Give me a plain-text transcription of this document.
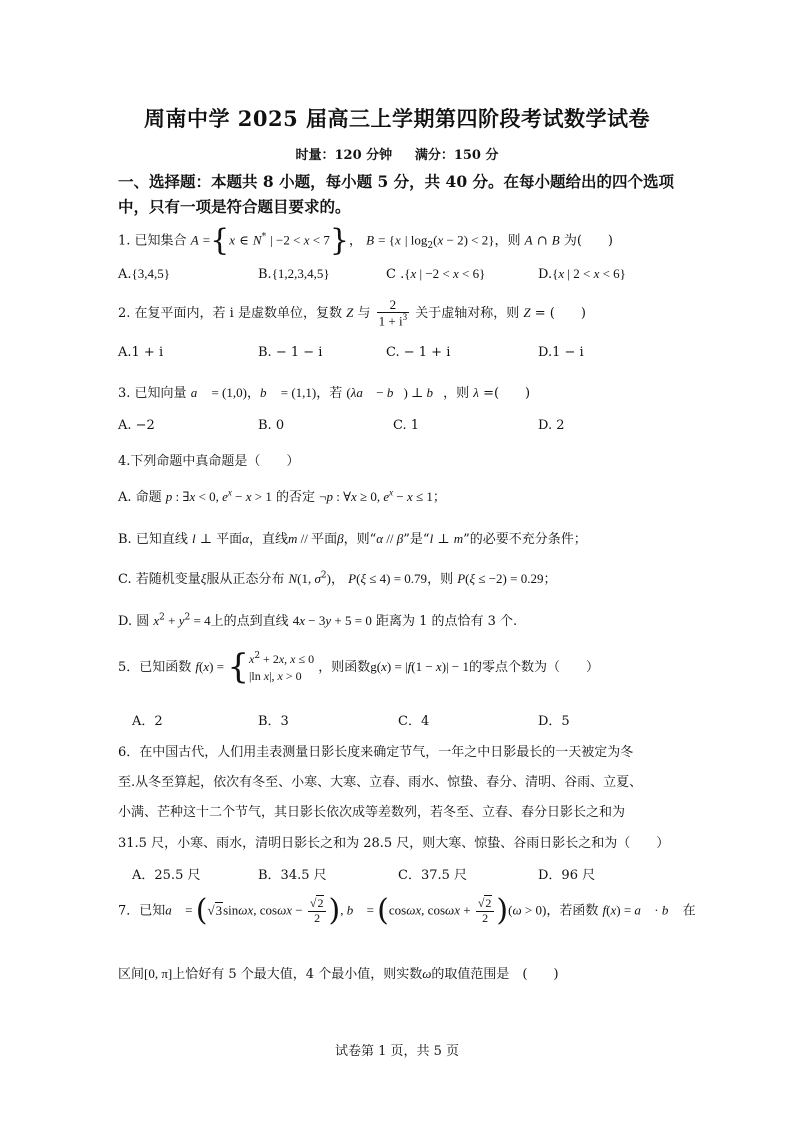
周南中学 2025 届高三上学期第四阶段考试数学试卷
时量：120 分钟 满分：150 分
一、选择题：本题共 8 小题，每小题 5 分，共 40 分。在每小题给出的四个选项
中，只有一项是符合题目要求的。
1. 已知集合 A ={x ∈ N* | −2 < x < 7}， B = {x | $\log_2(x - 2) < 2$}，则 A ∩ B 为(　　)
A.{3,4,5}	B.{1,2,3,4,5}	C .{x | −2 < x < 6}	D.{x | 2 < x < 6}
2. 在复平面内，若 i 是虚数单位，复数 Z 与 $\frac{2}{1 + i^3}$ 关于虚轴对称，则 Z = (　　)
A.1 + i	B. − 1 − i	C. − 1 + i	D.1 − i
3. 已知向量 a⃗ = (1,0)，b⃗ = (1,1)，若 (λa⃗ − b⃗) ⊥ b⃗，则 λ =(　　)
A. −2	B. 0	C. 1	D. 2
4.下列命题中真命题是（　　）
A. 命题 p : ∃x < 0, $e^x - x > 1$ 的否定 ¬p : ∀x ≥ 0, $e^x - x \le 1$；
B. 已知直线 l ⊥ 平面α，直线m // 平面β，则“α // β”是“l ⊥ m”的必要不充分条件；
C. 若随机变量ξ服从正态分布 N(1, $\sigma^2$)， P(ξ ≤ 4) = 0.79，则 P(ξ ≤ −2) = 0.29；
D. 圆 $x^2 + y^2 = 4$上的点到直线 4x − 3y + 5 = 0 距离为 1 的点恰有 3 个.
5．已知函数 f(x) = { $x^2 + 2x$, x ≤ 0
|ln x|, x > 0
，则函数g(x) = |f(1 − x)| − 1的零点个数为（　　）
A．2	B．3	C．4	D．5
6．在中国古代，人们用圭表测量日影长度来确定节气，一年之中日影最长的一天被定为冬
至.从冬至算起，依次有冬至、小寒、大寒、立春、雨水、惊蛰、春分、清明、谷雨、立夏、
小满、芒种这十二个节气，其日影长依次成等差数列，若冬至、立春、春分日影长之和为
31.5 尺，小寒、雨水，清明日影长之和为 28.5 尺，则大寒、惊蛰、谷雨日影长之和为（　　）
A．25.5 尺	B．34.5 尺	C．37.5 尺	D．96 尺
7．已知a⃗ = (√3sinωx, $\cos\omega x - \frac{√2}{2}$ ), b⃗ = (cosωx, $\cos\omega x + \frac{√2}{2} )(\omega > 0)$，若函数 f(x) = a⃗ · b⃗ 在
区间[0, π]上恰好有 5 个最大值，4 个最小值，则实数ω的取值范围是　(　　)
试卷第 1 页，共 5 页
